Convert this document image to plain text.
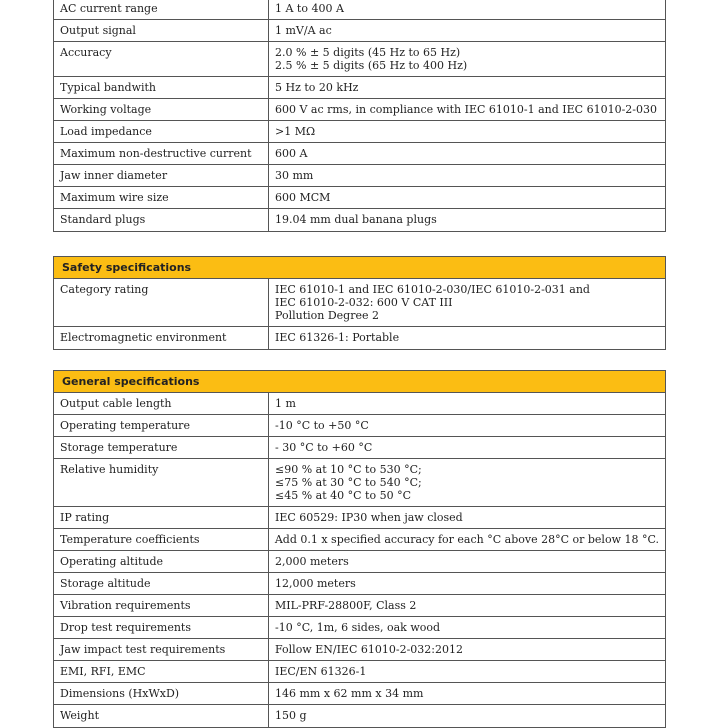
AC current range	1 A to 400 A
Output signal	1 mV/A ac
Accuracy	2.0 % ± 5 digits (45 Hz to 65 Hz)
2.5 % ± 5 digits (65 Hz to 400 Hz)
Typical bandwith	5 Hz to 20 kHz
Working voltage	600 V ac rms, in compliance with IEC 61010-1 and IEC 61010-2-030
Load impedance	>1 MΩ
Maximum non-destructive current	600 A
Jaw inner diameter	30 mm
Maximum wire size	600 MCM
Standard plugs	19.04 mm dual banana plugs
Safety specifications
Category rating	IEC 61010-1 and IEC 61010-2-030/IEC 61010-2-031 and
IEC 61010-2-032: 600 V CAT III
Pollution Degree 2
Electromagnetic environment	IEC 61326-1: Portable
General specifications
Output cable length	1 m
Operating temperature	-10 °C to +50 °C
Storage temperature	- 30 °C to +60 °C
Relative humidity	≤90 % at 10 °C to 530 °C;
≤75 % at 30 °C to 540 °C;
≤45 % at 40 °C to 50 °C
IP rating	IEC 60529: IP30 when jaw closed
Temperature coefficients	Add 0.1 x specified accuracy for each °C above 28°C or below 18 °C.
Operating altitude	2,000 meters
Storage altitude	12,000 meters
Vibration requirements	MIL-PRF-28800F, Class 2
Drop test requirements	-10 °C, 1m, 6 sides, oak wood
Jaw impact test requirements	Follow EN/IEC 61010-2-032:2012
EMI, RFI, EMC	IEC/EN 61326-1
Dimensions (HxWxD)	146 mm x 62 mm x 34 mm
Weight	150 g
